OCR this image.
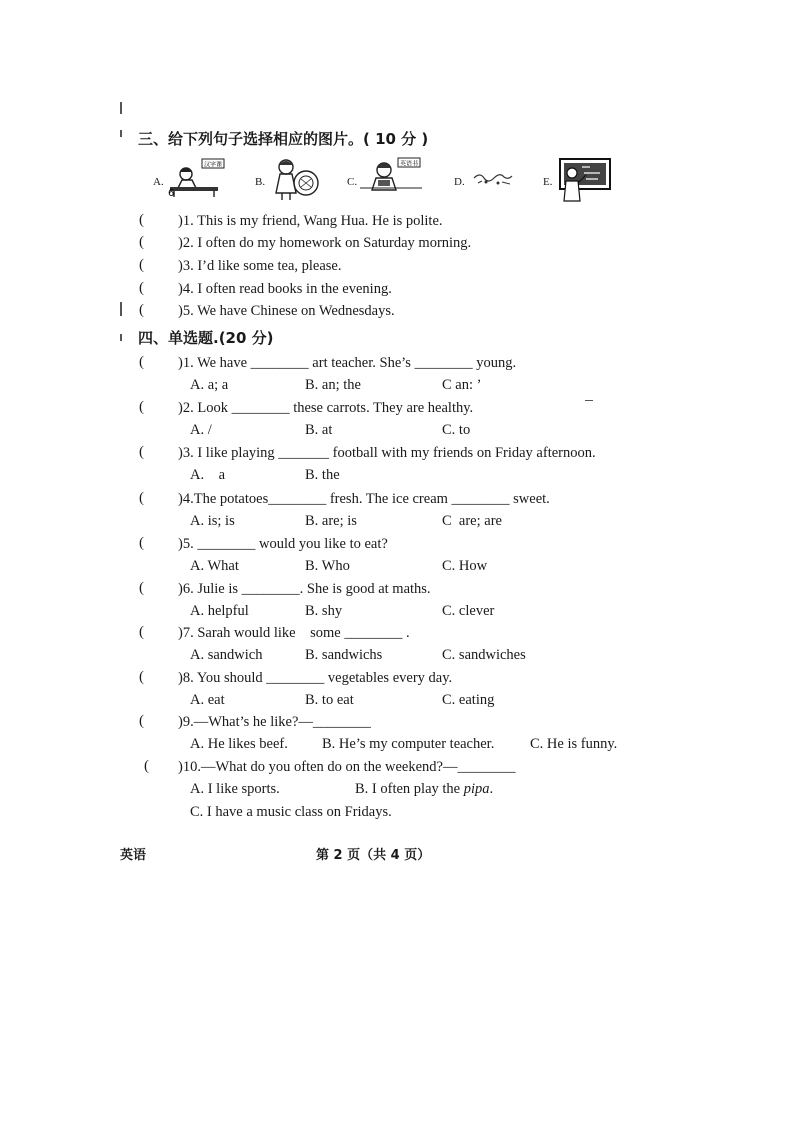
三、给下列句子选择相应的图片。( 10 分 )
A.
汉字课
6
B.	C.
英语书
D.	E.
( )1. This is my friend, Wang Hua. He is polite.
( )2. I often do my homework on Saturday morning.
( )3. I’d like some tea, please.
( )4. I often read books in the evening.
( )5. We have Chinese on Wednesdays.
四、单选题.(20 分)
( )1. We have ________ art teacher. She’s ________ young.
A. a; a	B. an; the	C an: ’
( )2. Look ________ these carrots. They are healthy.
A. /	B. at	C. to
( )3. I like playing _______ football with my friends on Friday afternoon.
A.    a	B. the
( )4.The potatoes________ fresh. The ice cream ________ sweet.
A. is; is	B. are; is	C  are; are
( )5. ________ would you like to eat?
A. What	B. Who	C. How
( )6. Julie is ________. She is good at maths.
A. helpful	B. shy	C. clever
( )7. Sarah would like    some ________ .
A. sandwich	B. sandwichs	C. sandwiches
( )8. You should ________ vegetables every day.
A. eat	B. to eat	C. eating
( )9.—What’s he like?—________
A. He likes beef. B. He’s my computer teacher. C. He is funny.
( )10.—What do you often do on the weekend?—________
A. I like sports.	B. I often play the pipa.
C. I have a music class on Fridays.
英语	第 2 页（共 4 页）
